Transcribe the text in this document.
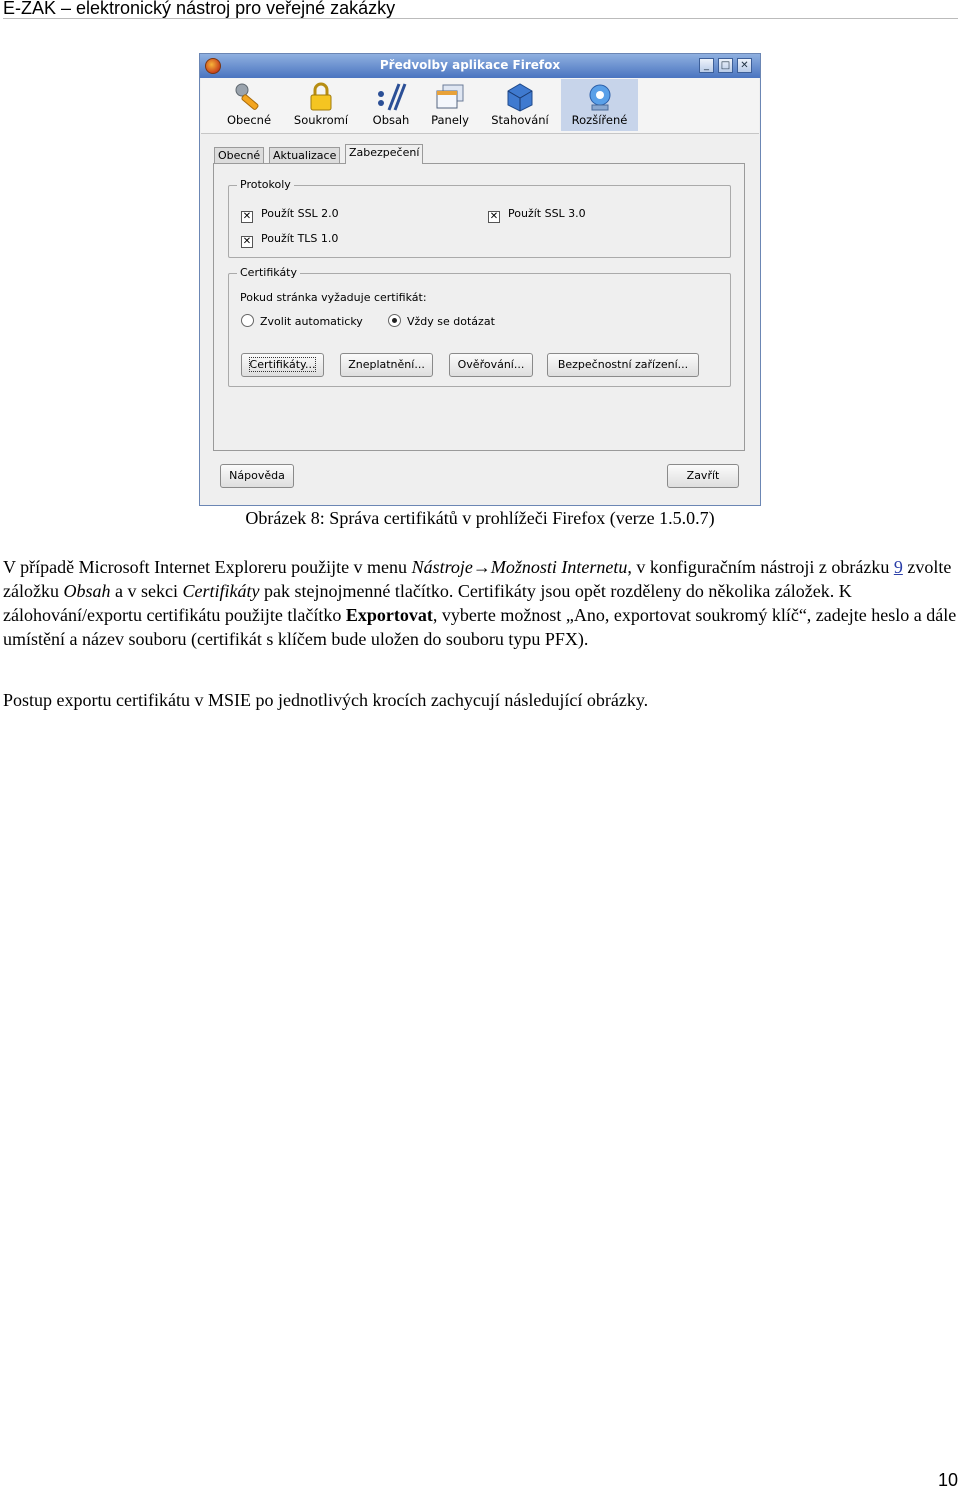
E-ZAK – elektronický nástroj pro veřejné zakázky
Předvolby aplikace Firefox	_	□	✕
Obecné	Soukromí	Obsah	Panely	Stahování	Rozšířené
Obecné	Aktualizace	Zabezpečení
Protokoly
✕ Použít SSL 2.0	✕ Použít SSL 3.0
✕ Použít TLS 1.0
Certifikáty
Pokud stránka vyžaduje certifikát:
Zvolit automaticky	Vždy se dotázat
Certifikáty...	Zneplatnění...	Ověřování...	Bezpečnostní zařízení...
Nápověda	Zavřít
Obrázek 8: Správa certifikátů v prohlížeči Firefox (verze 1.5.0.7)

V případě Microsoft Internet Exploreru použijte v menu Nástroje→Možnosti Internetu, v konfiguračním nástroji z obrázku 9 zvolte záložku Obsah a v sekci Certifikáty pak stejnojmenné tlačítko. Certifikáty jsou opět rozděleny do několika záložek. K zálohování/exportu certifikátu použijte tlačítko Exportovat, vyberte možnost „Ano, exportovat soukromý klíč“, zadejte heslo a dále umístění a název souboru (certifikát s klíčem bude uložen do souboru typu PFX).

Postup exportu certifikátu v MSIE po jednotlivých krocích zachycují následující obrázky.

10
